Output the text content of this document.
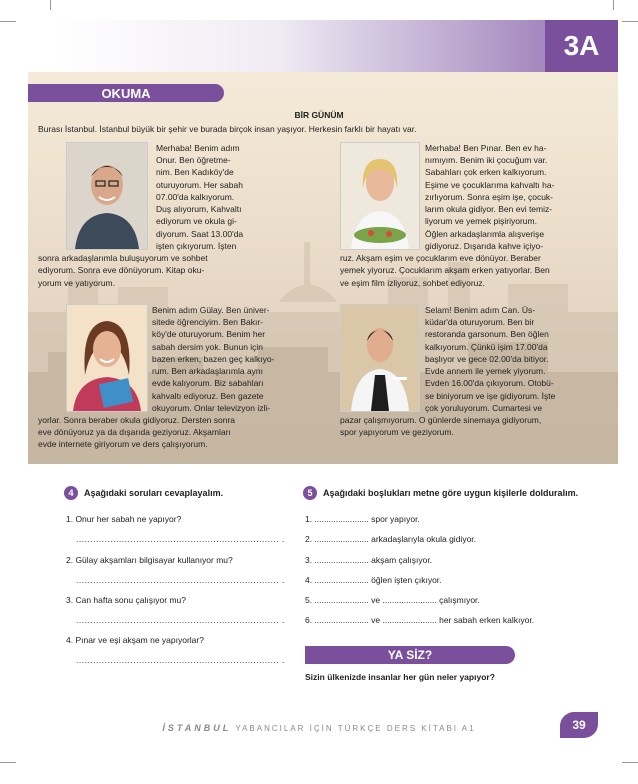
3A
OKUMA
BİR GÜNÜM
Burası İstanbul. İstanbul büyük bir şehir ve burada birçok insan yaşıyor. Herkesin farklı bir hayatı var.
Merhaba! Benim adım
Onur. Ben öğretme-
nim. Ben Kadıköy'de
oturuyorum. Her sabah
07.00'da kalkıyorum.
Duş alıyorum, Kahvaltı
ediyorum ve okula gi-
diyorum. Saat 13.00'da
işten çıkıyorum. İşten
sonra arkadaşlarımla buluşuyorum ve sohbet
ediyorum. Sonra eve dönüyorum. Kitap oku-
yorum ve yatıyorum.
Merhaba! Ben Pınar. Ben ev ha-
nımıyım. Benim iki çocuğum var.
Sabahları çok erken kalkıyorum.
Eşime ve çocuklarıma kahvaltı ha-
zırlıyorum. Sonra eşim işe, çocuk-
larım okula gidiyor. Ben evi temiz-
liyorum ve yemek pişiriyorum.
Öğlen arkadaşlarımla alışverişe
gidiyoruz. Dışarıda kahve içiyo-
ruz. Akşam eşim ve çocuklarım eve dönüyor. Beraber
yemek yiyoruz. Çocuklarım akşam erken yatıyorlar. Ben
ve eşim film izliyoruz, sohbet ediyoruz.
Benim adım Gülay. Ben üniver-
sitede öğrenciyim. Ben Bakır-
köy'de oturuyorum. Benim her
sabah dersim yok. Bunun için
bazen erken, bazen geç kalkıyo-
rum. Ben arkadaşlarımla aynı
evde kalıyorum. Biz sabahları
kahvaltı ediyoruz. Ben gazete
okuyorum. Onlar televizyon izli-
yorlar. Sonra beraber okula gidiyoruz. Dersten sonra
eve dönüyoruz ya da dışarıda geziyoruz. Akşamları
evde internete giriyorum ve ders çalışıyorum.
Selam! Benim adım Can. Üs-
küdar'da oturuyorum. Ben bir
restoranda garsonum. Ben öğlen
kalkıyorum. Çünkü işim 17.00'da
başlıyor ve gece 02.00'da bitiyor.
Evde annem ile yemek yiyorum.
Evden 16.00'da çıkıyorum. Otobü-
se biniyorum ve işe gidiyorum. İşte
çok yoruluyorum. Cumartesi ve
pazar çalışmıyorum. O günlerde sinemaya gidiyorum,
spor yapıyorum ve geziyorum.
4	Aşağıdaki soruları cevaplayalım.
1. Onur her sabah ne yapıyor?
....................................................................... .
2. Gülay akşamları bilgisayar kullanıyor mu?
....................................................................... .
3. Can hafta sonu çalışıyor mu?
....................................................................... .
4. Pınar ve eşi akşam ne yapıyorlar?
....................................................................... .
5	Aşağıdaki boşlukları metne göre uygun kişilerle dolduralım.
1. ....................... spor yapıyor.
2. ....................... arkadaşlarıyla okula gidiyor.
3. ....................... akşam çalışıyor.
4. ....................... öğlen işten çıkıyor.
5. ....................... ve ....................... çalışmıyor.
6. ....................... ve ....................... her sabah erken kalkıyor.
YA SİZ?
Sizin ülkenizde insanlar her gün neler yapıyor?
İSTANBUL YABANCILAR İÇİN TÜRKÇE DERS KİTABI A1	39
